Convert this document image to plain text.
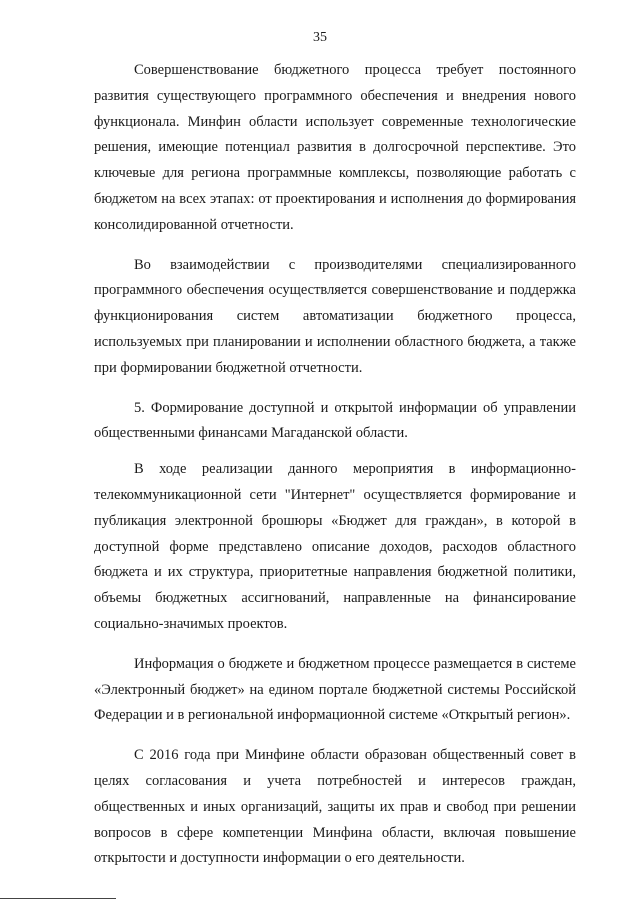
35

Совершенствование бюджетного процесса требует постоянного развития существующего программного обеспечения и внедрения нового функционала. Минфин области использует современные технологические решения, имеющие потенциал развития в долгосрочной перспективе. Это ключевые для региона программные комплексы, позволяющие работать с бюджетом на всех этапах: от проектирования и исполнения до формирования консолидированной отчетности.

Во взаимодействии с производителями специализированного программного обеспечения осуществляется совершенствование и поддержка функционирования систем автоматизации бюджетного процесса, используемых при планировании и исполнении областного бюджета, а также при формировании бюджетной отчетности.

5. Формирование доступной и открытой информации об управлении общественными финансами Магаданской области.

В ходе реализации данного мероприятия в информационно-телекоммуникационной сети "Интернет" осуществляется формирование и публикация электронной брошюры «Бюджет для граждан», в которой в доступной форме представлено описание доходов, расходов областного бюджета и их структура, приоритетные направления бюджетной политики, объемы бюджетных ассигнований, направленные на финансирование социально-значимых проектов.

Информация о бюджете и бюджетном процессе размещается в системе «Электронный бюджет» на едином портале бюджетной системы Российской Федерации и в региональной информационной системе «Открытый регион».

С 2016 года при Минфине области образован общественный совет в целях согласования и учета потребностей и интересов граждан, общественных и иных организаций, защиты их прав и свобод при решении вопросов в сфере компетенции Минфина области, включая повышение открытости и доступности информации о его деятельности.
